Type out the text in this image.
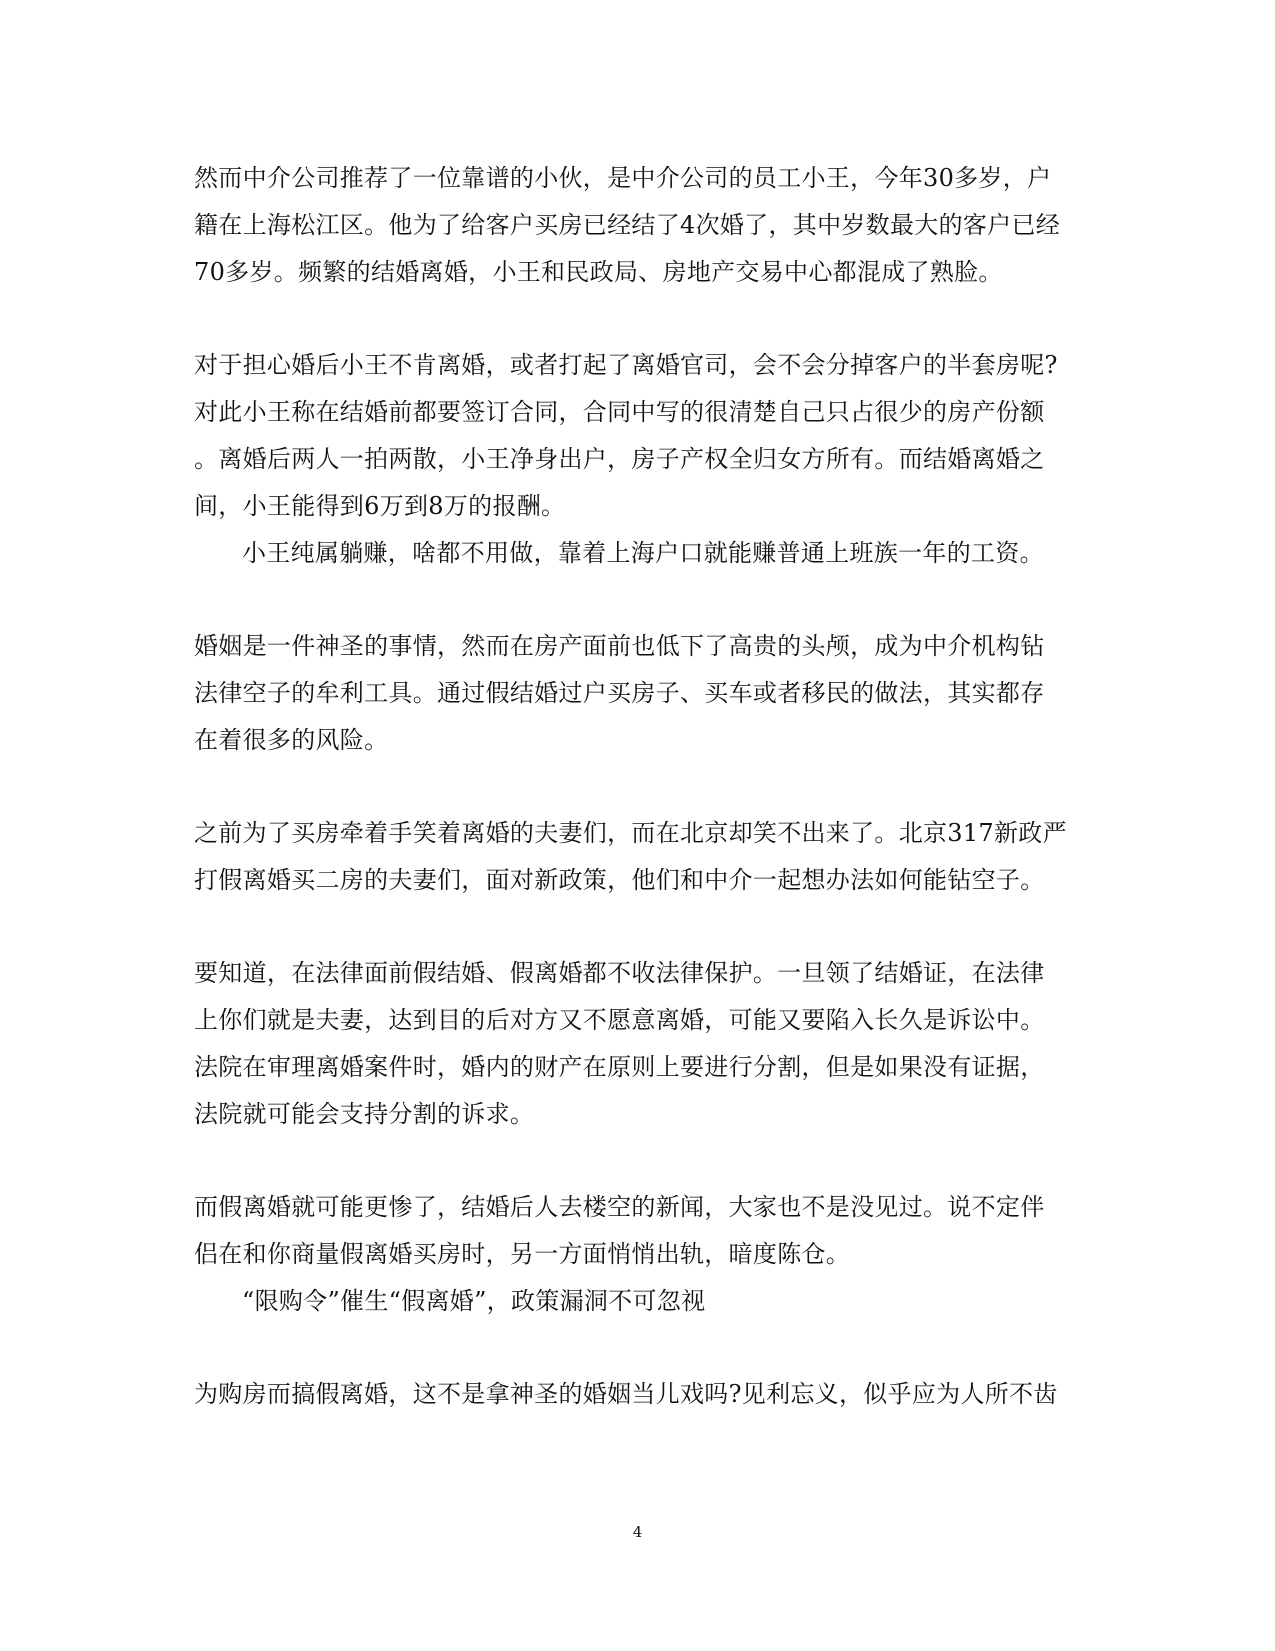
然而中介公司推荐了一位靠谱的小伙，是中介公司的员工小王，今年30多岁，户
籍在上海松江区。他为了给客户买房已经结了4次婚了，其中岁数最大的客户已经
70多岁。频繁的结婚离婚，小王和民政局、房地产交易中心都混成了熟脸。
对于担心婚后小王不肯离婚，或者打起了离婚官司，会不会分掉客户的半套房呢?
对此小王称在结婚前都要签订合同，合同中写的很清楚自己只占很少的房产份额
。离婚后两人一拍两散，小王净身出户，房子产权全归女方所有。而结婚离婚之
间，小王能得到6万到8万的报酬。
小王纯属躺赚，啥都不用做，靠着上海户口就能赚普通上班族一年的工资。
婚姻是一件神圣的事情，然而在房产面前也低下了高贵的头颅，成为中介机构钻
法律空子的牟利工具。通过假结婚过户买房子、买车或者移民的做法，其实都存
在着很多的风险。
之前为了买房牵着手笑着离婚的夫妻们，而在北京却笑不出来了。北京317新政严
打假离婚买二房的夫妻们，面对新政策，他们和中介一起想办法如何能钻空子。
要知道，在法律面前假结婚、假离婚都不收法律保护。一旦领了结婚证，在法律
上你们就是夫妻，达到目的后对方又不愿意离婚，可能又要陷入长久是诉讼中。
法院在审理离婚案件时，婚内的财产在原则上要进行分割，但是如果没有证据，
法院就可能会支持分割的诉求。
而假离婚就可能更惨了，结婚后人去楼空的新闻，大家也不是没见过。说不定伴
侣在和你商量假离婚买房时，另一方面悄悄出轨，暗度陈仓。
“限购令”催生“假离婚”，政策漏洞不可忽视
为购房而搞假离婚，这不是拿神圣的婚姻当儿戏吗?见利忘义，似乎应为人所不齿
4
